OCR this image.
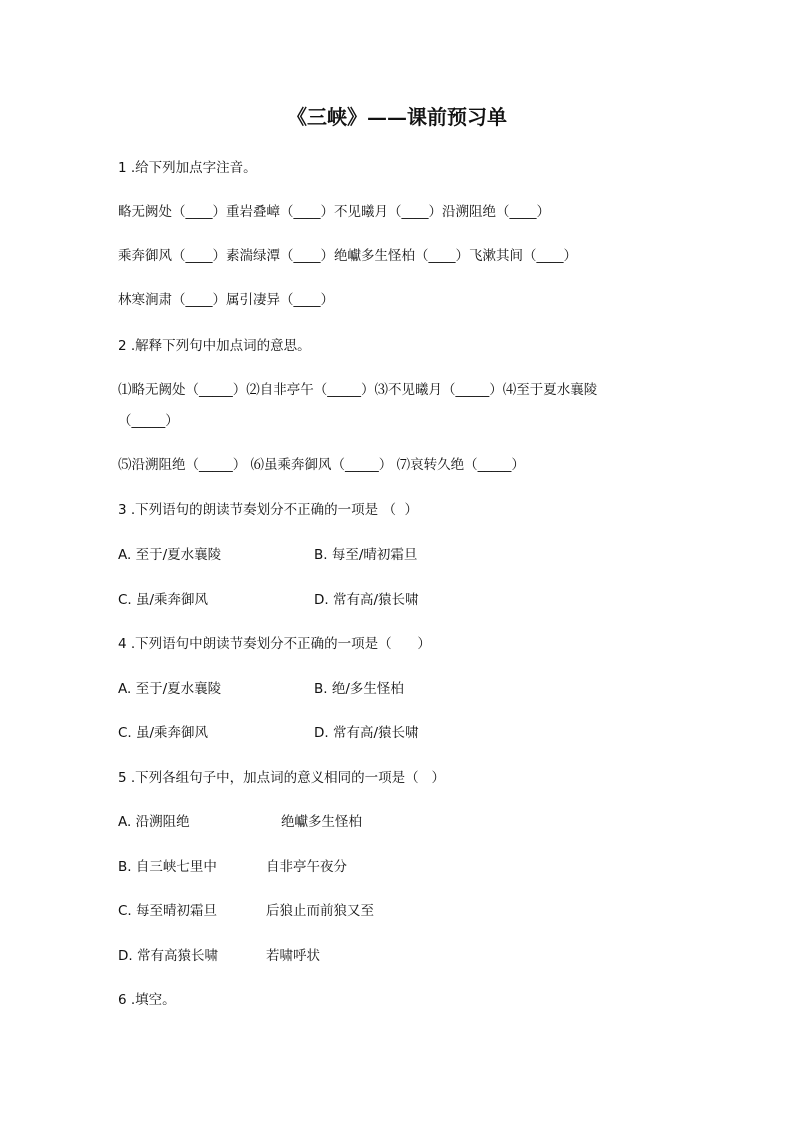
《三峡》——课前预习单
1 .给下列加点字注音。
略无阙处（____）重岩叠嶂（____）不见曦月（____）沿溯阻绝（____）
乘奔御风（____）素湍绿潭（____）绝巘多生怪柏（____）飞漱其间（____）
林寒涧肃（____）属引凄异（____）
2 .解释下列句中加点词的意思。
⑴略无阙处（_____）⑵自非亭午（_____）⑶不见曦月（_____）⑷至于夏水襄陵
（_____）
⑸沿溯阻绝（_____） ⑹虽乘奔御风（_____） ⑺哀转久绝（_____）
3 .下列语句的朗读节奏划分不正确的一项是 （  ）
A. 至于/夏水襄陵	B. 每至/晴初霜旦
C. 虽/乘奔御风	D. 常有高/猿长啸
4 .下列语句中朗读节奏划分不正确的一项是（      ）
A. 至于/夏水襄陵	B. 绝/多生怪柏
C. 虽/乘奔御风	D. 常有高/猿长啸
5 .下列各组句子中，加点词的意义相同的一项是（   ）
A. 沿溯阻绝	绝巘多生怪柏
B. 自三峡七里中	自非亭午夜分
C. 每至晴初霜旦	后狼止而前狼又至
D. 常有高猿长啸	若啸呼状
6 .填空。
